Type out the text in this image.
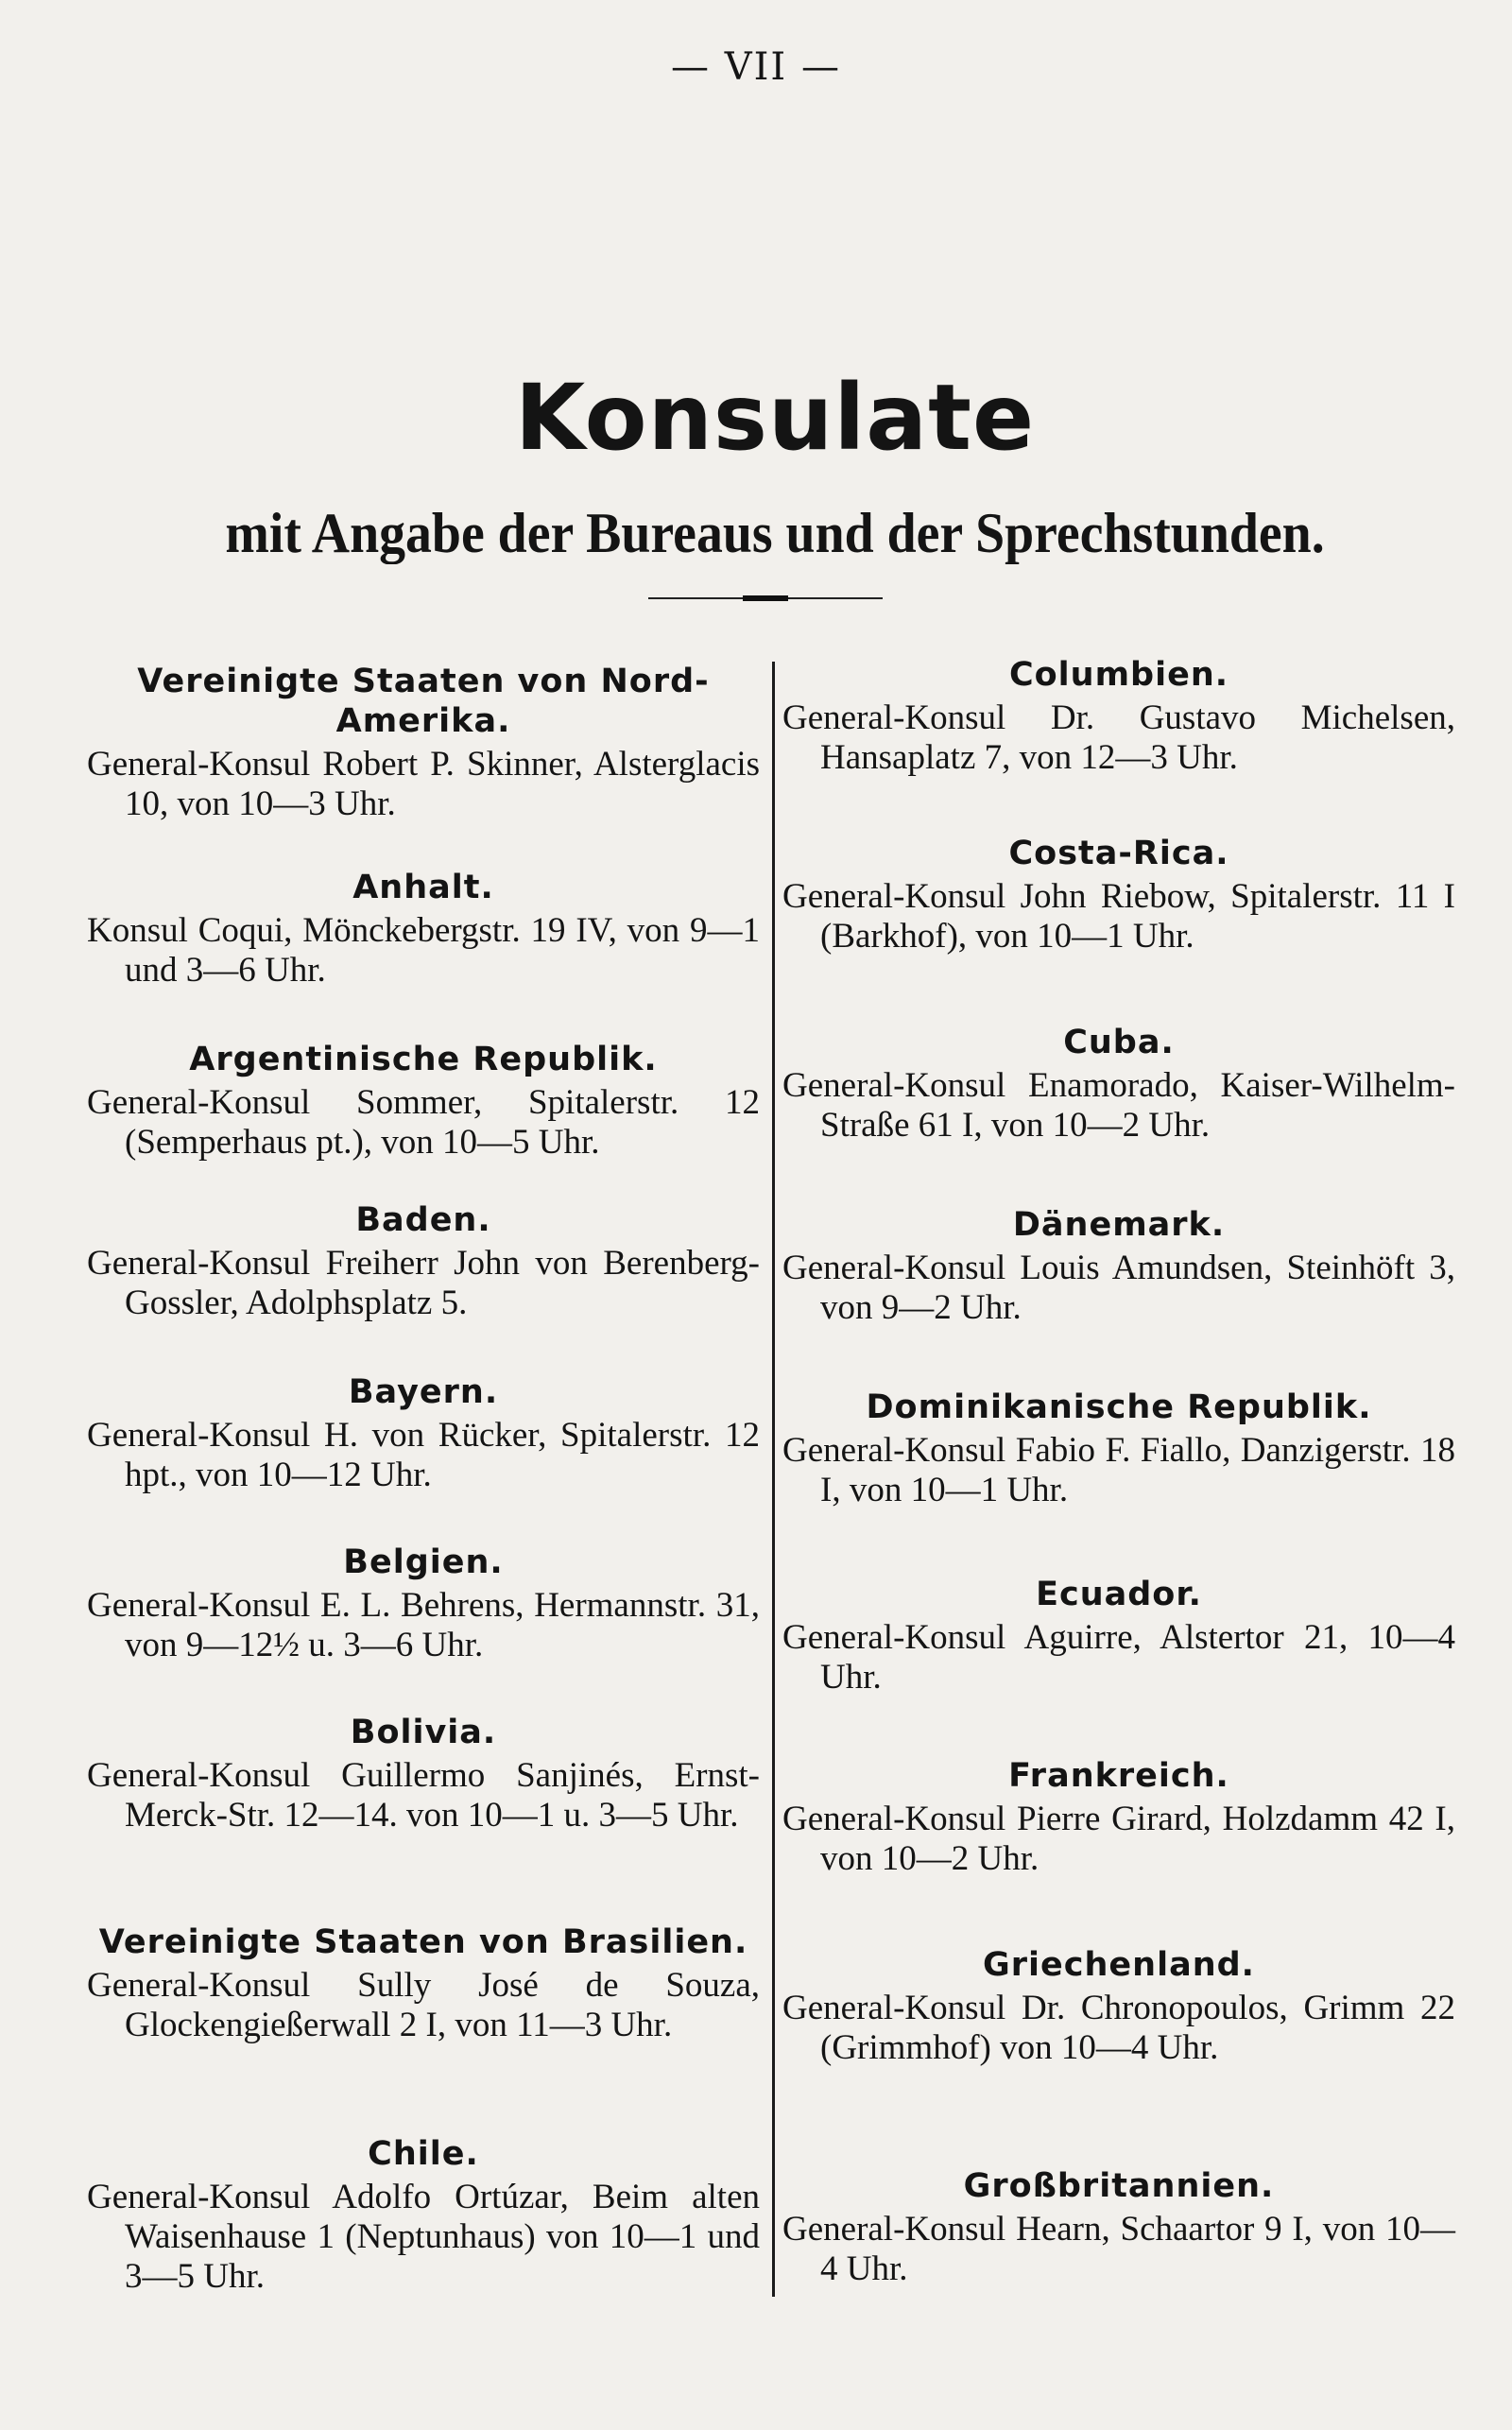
— VII —
Konsulate
mit Angabe der Bureaus und der Sprechstunden.
Vereinigte Staaten von Nord-Amerika.

General-Konsul Robert P. Skinner, Alsterglacis 10, von 10—3 Uhr.

Anhalt.

Konsul Coqui, Mönckebergstr. 19 IV, von 9—1 und 3—6 Uhr.

Argentinische Republik.

General-Konsul Sommer, Spitalerstr. 12 (Semperhaus pt.), von 10—5 Uhr.

Baden.

General-Konsul Freiherr John von Berenberg-Gossler, Adolphsplatz 5.

Bayern.

General-Konsul H. von Rücker, Spitalerstr. 12 hpt., von 10—12 Uhr.

Belgien.

General-Konsul E. L. Behrens, Hermannstr. 31, von 9—12½ u. 3—6 Uhr.

Bolivia.

General-Konsul Guillermo Sanjinés, Ernst-Merck-Str. 12—14. von 10—1 u. 3—5 Uhr.

Vereinigte Staaten von Brasilien.

General-Konsul Sully José de Souza, Glockengießerwall 2 I, von 11—3 Uhr.

Chile.

General-Konsul Adolfo Ortúzar, Beim alten Waisenhause 1 (Neptunhaus) von 10—1 und 3—5 Uhr.

Columbien.

General-Konsul Dr. Gustavo Michelsen, Hansaplatz 7, von 12—3 Uhr.

Costa-Rica.

General-Konsul John Riebow, Spitalerstr. 11 I (Barkhof), von 10—1 Uhr.

Cuba.

General-Konsul Enamorado, Kaiser-Wilhelm-Straße 61 I, von 10—2 Uhr.

Dänemark.

General-Konsul Louis Amundsen, Steinhöft 3, von 9—2 Uhr.

Dominikanische Republik.

General-Konsul Fabio F. Fiallo, Danzigerstr. 18 I, von 10—1 Uhr.

Ecuador.

General-Konsul Aguirre, Alstertor 21, 10—4 Uhr.

Frankreich.

General-Konsul Pierre Girard, Holzdamm 42 I, von 10—2 Uhr.

Griechenland.

General-Konsul Dr. Chronopoulos, Grimm 22 (Grimmhof) von 10—4 Uhr.

Großbritannien.

General-Konsul Hearn, Schaartor 9 I, von 10—4 Uhr.
